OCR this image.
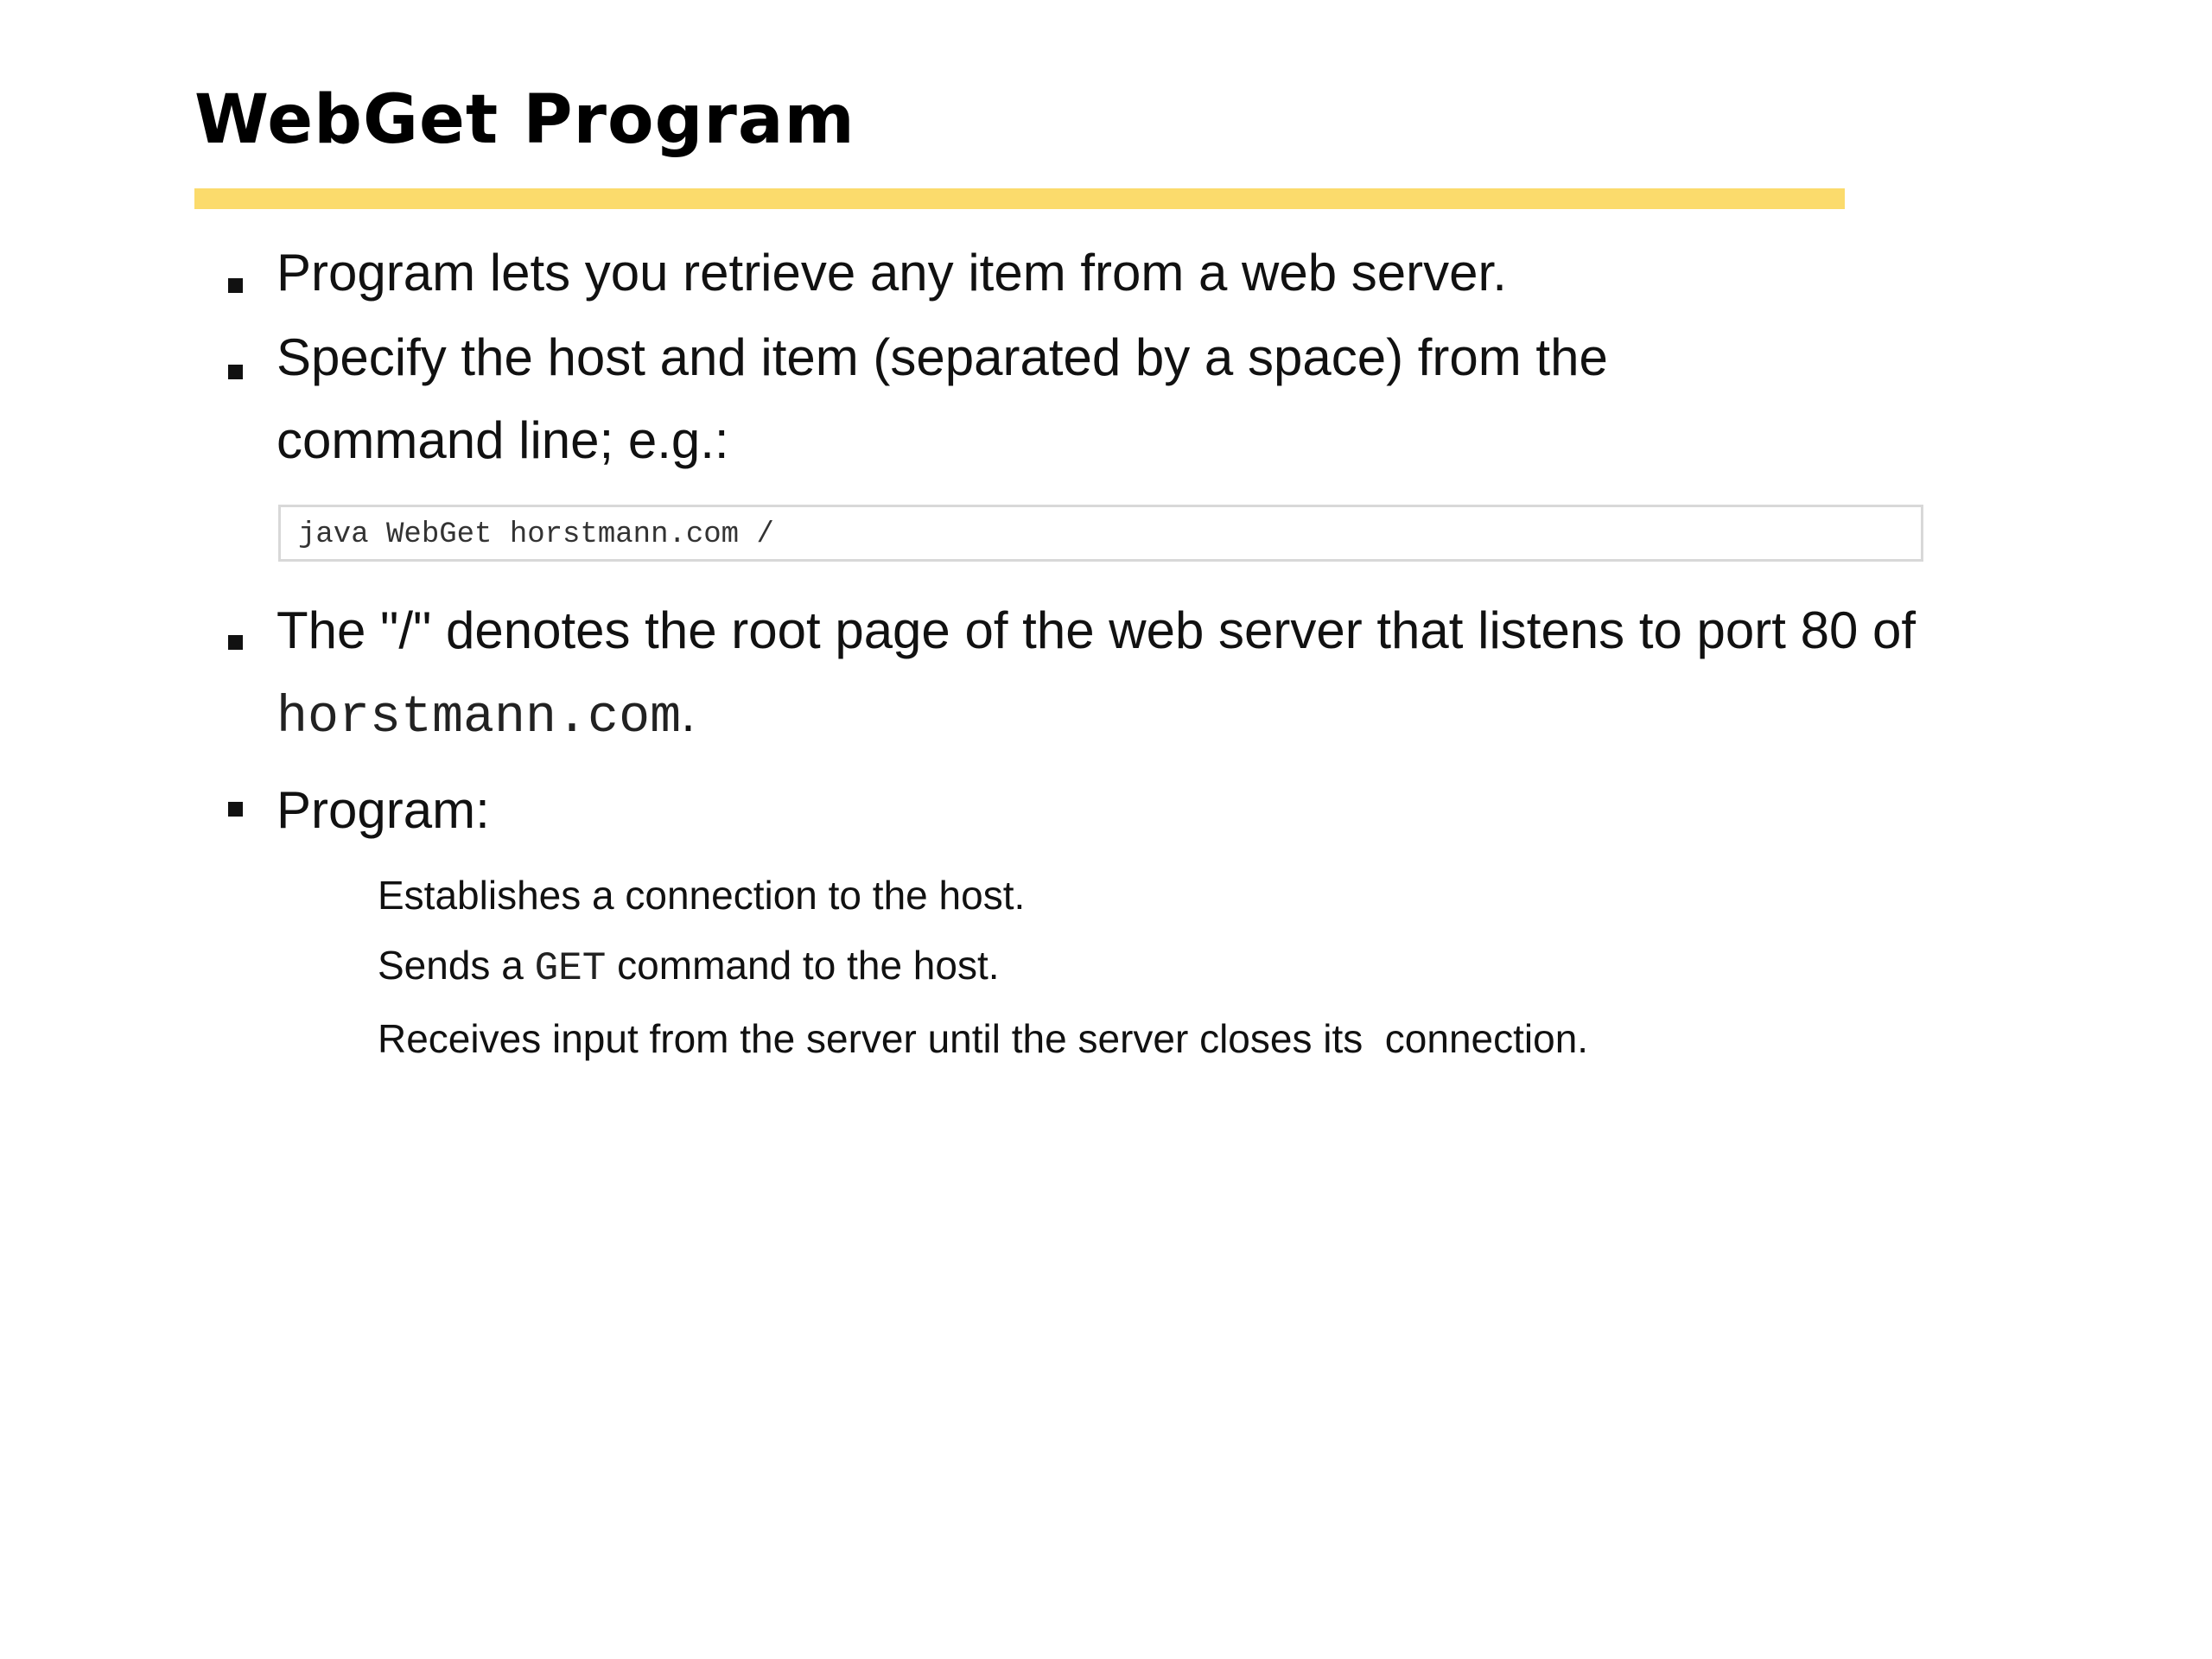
WebGet Program

Program lets you retrieve any item from a web server.

Specify the host and item (separated by a space) from the command line; e.g.:

java WebGet horstmann.com /

The "/" denotes the root page of the web server that listens to port 80 of horstmann.com.

Program:

Establishes a connection to the host.

Sends a GET command to the host.

Receives input from the server until the server closes its  connection.
